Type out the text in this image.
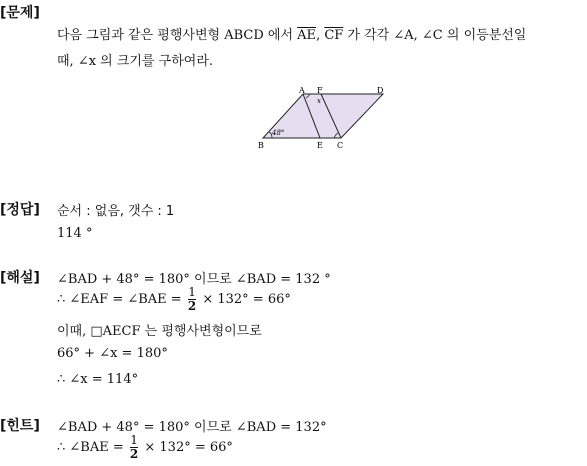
[문제]
다음 그림과 같은 평행사변형 ABCD 에서 $\overline{AE}$, $\overline{CF}$ 가 각각 ∠A, ∠C 의 이등분선일
때, ∠x 의 크기를 구하여라.
A F	D
B	E C
48°
x
[정답] 순서 : 없음, 갯수 : 1
114 °
[해설] ∠BAD + 48° = 180° 이므로 ∠BAD = 132 °
∴ ∠EAF = ∠BAE = $\frac{1}{2} \times 132^\circ = 66^\circ$
이때, □AECF 는 평행사변형이므로
66° + ∠x = 180°
∴ ∠x = 114°
[힌트] ∠BAD + 48° = 180° 이므로 ∠BAD = 132°
∴ ∠BAE = $\frac{1}{2} \times 132^\circ = 66^\circ$
